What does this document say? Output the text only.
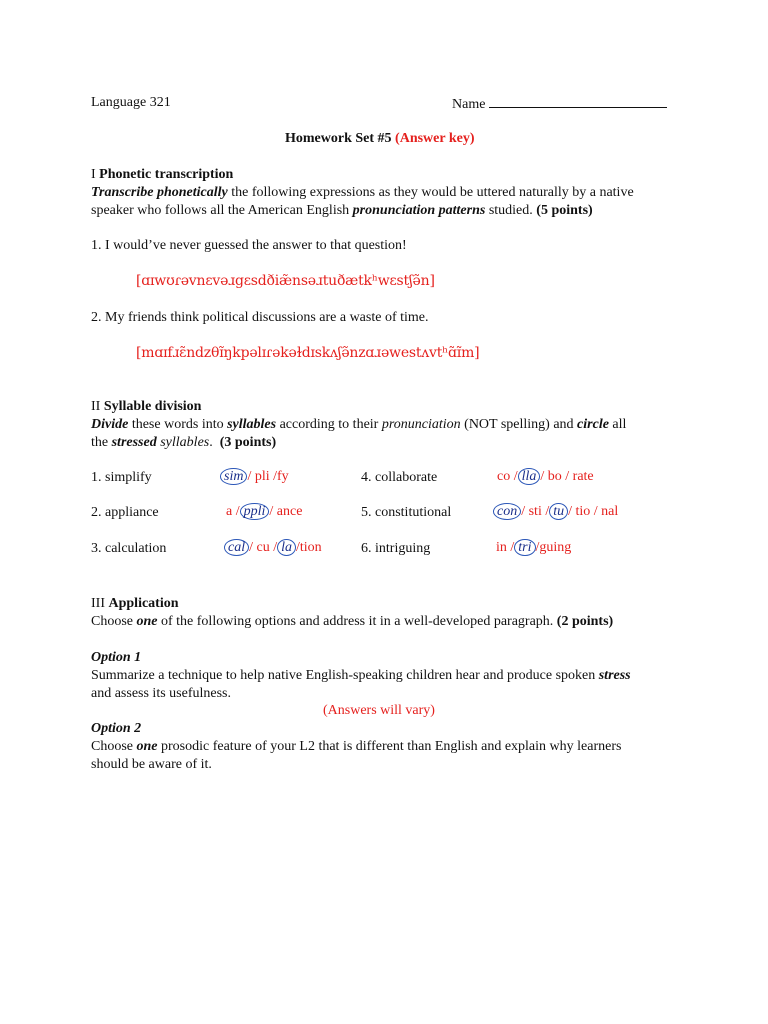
Language 321	Name
Homework Set #5 (Answer key)
I Phonetic transcription
Transcribe phonetically the following expressions as they would be uttered naturally by a native
speaker who follows all the American English pronunciation patterns studied. (5 points)
1. I would’ve never guessed the answer to that question!
[ɑɪwʊɾəvnɛvəɹgɛsdðiæ̃nsəɹtuðætkʰwɛstʃə̃n]
2. My friends think political discussions are a waste of time.
[mɑɪfɹɛ̃ndzθɪ̃ŋkpəlɪɾəkəɫdɪskʌʃə̃nzɑɹəwestʌvtʰɑ̃ɪ̃m]
II Syllable division
Divide these words into syllables according to their pronunciation (NOT spelling) and circle all
the stressed syllables. (3 points)
1. simplify	sim / pli /fy	4. collaborate	co / lla / bo / rate
2. appliance	a / ppli / ance	5. constitutional	con / sti / tu / tio / nal
3. calculation	cal / cu / la /tion	6. intriguing	in / tri /guing
III Application
Choose one of the following options and address it in a well-developed paragraph. (2 points)
Option 1
Summarize a technique to help native English-speaking children hear and produce spoken stress
and assess its usefulness.
(Answers will vary)
Option 2
Choose one prosodic feature of your L2 that is different than English and explain why learners
should be aware of it.
